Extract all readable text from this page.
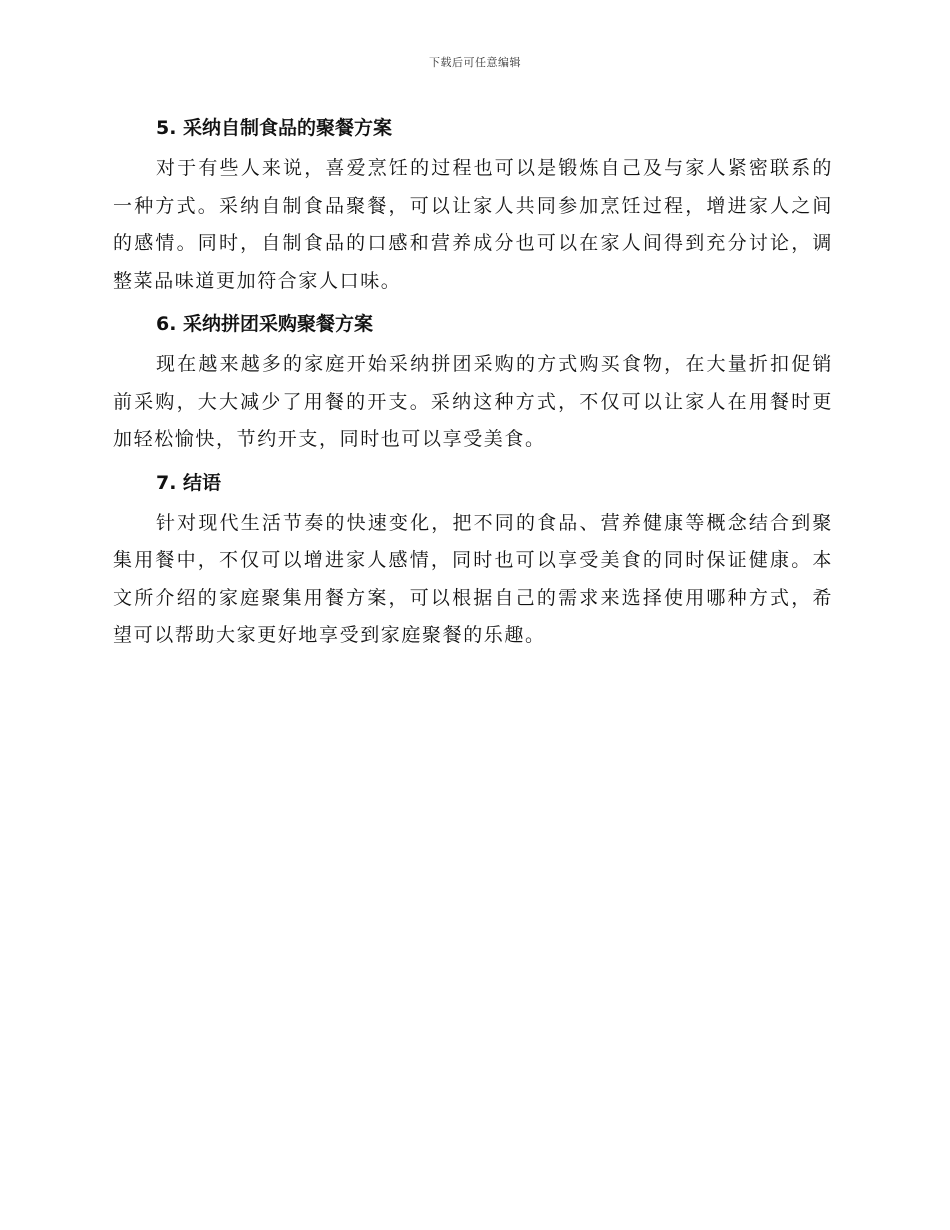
下载后可任意编辑
5. 采纳自制食品的聚餐方案

对于有些人来说，喜爱烹饪的过程也可以是锻炼自己及与家人紧密联系的一种方式。采纳自制食品聚餐，可以让家人共同参加烹饪过程，增进家人之间的感情。同时，自制食品的口感和营养成分也可以在家人间得到充分讨论，调整菜品味道更加符合家人口味。

6. 采纳拼团采购聚餐方案

现在越来越多的家庭开始采纳拼团采购的方式购买食物，在大量折扣促销前采购，大大减少了用餐的开支。采纳这种方式，不仅可以让家人在用餐时更加轻松愉快，节约开支，同时也可以享受美食。

7. 结语

针对现代生活节奏的快速变化，把不同的食品、营养健康等概念结合到聚集用餐中，不仅可以增进家人感情，同时也可以享受美食的同时保证健康。本文所介绍的家庭聚集用餐方案，可以根据自己的需求来选择使用哪种方式，希望可以帮助大家更好地享受到家庭聚餐的乐趣。
